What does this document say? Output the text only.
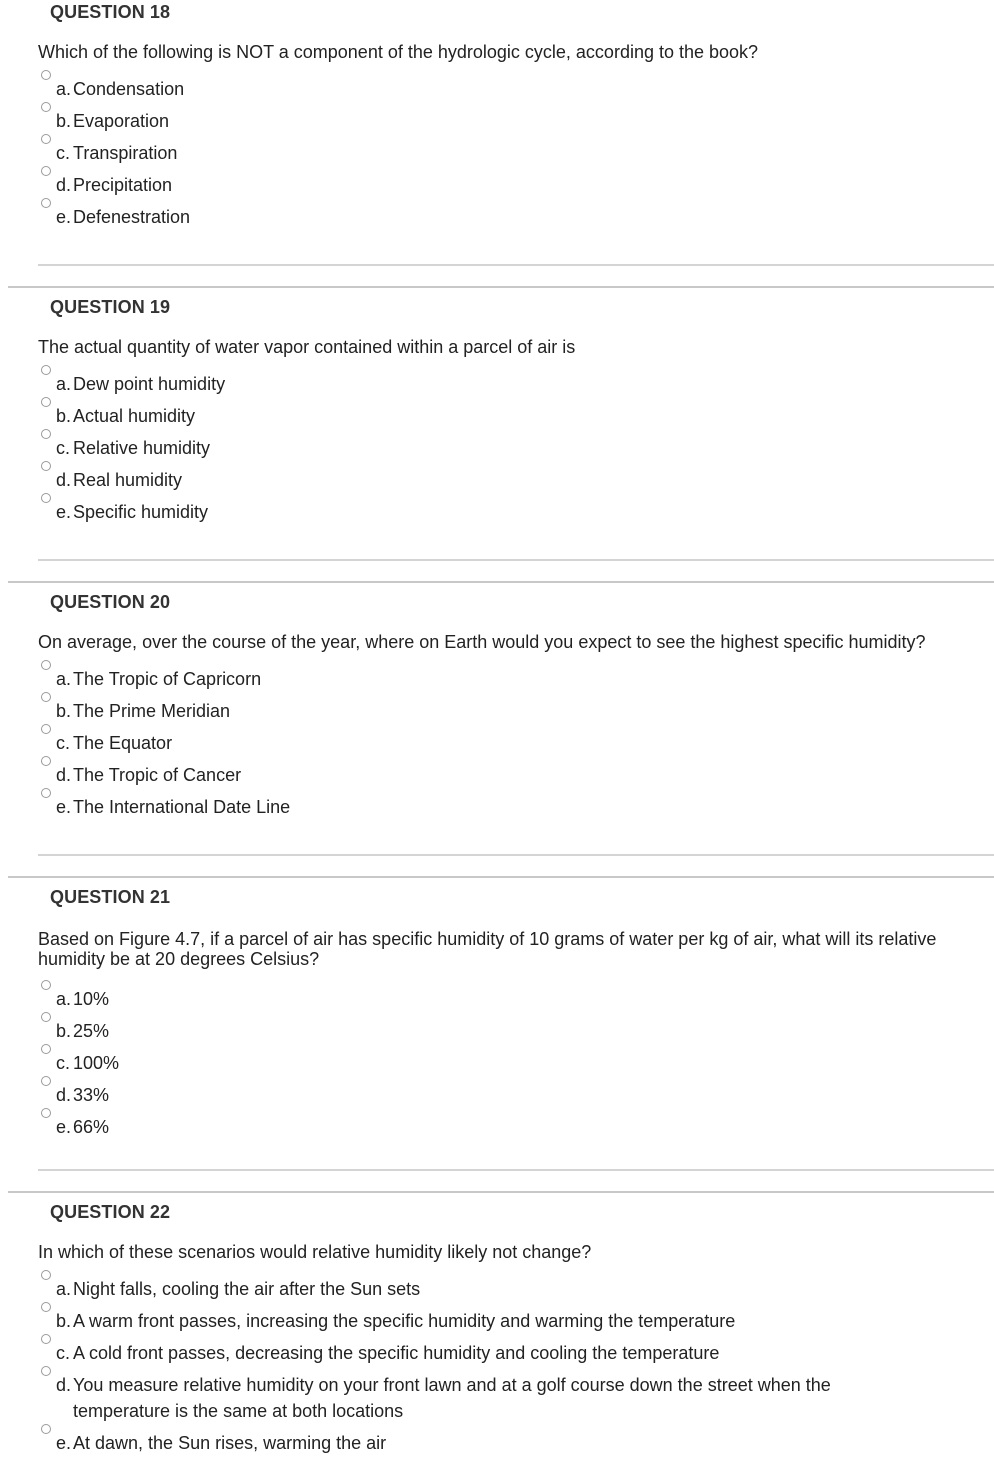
QUESTION 18
Which of the following is NOT a component of the hydrologic cycle, according to the book?
a. Condensation
b. Evaporation
c. Transpiration
d. Precipitation
e. Defenestration
QUESTION 19
The actual quantity of water vapor contained within a parcel of air is
a. Dew point humidity
b. Actual humidity
c. Relative humidity
d. Real humidity
e. Specific humidity
QUESTION 20
On average, over the course of the year, where on Earth would you expect to see the highest specific humidity?
a. The Tropic of Capricorn
b. The Prime Meridian
c. The Equator
d. The Tropic of Cancer
e. The International Date Line
QUESTION 21
Based on Figure 4.7, if a parcel of air has specific humidity of 10 grams of water per kg of air, what will its relative humidity be at 20 degrees Celsius?
a. 10%
b. 25%
c. 100%
d. 33%
e. 66%
QUESTION 22
In which of these scenarios would relative humidity likely not change?
a. Night falls, cooling the air after the Sun sets
b. A warm front passes, increasing the specific humidity and warming the temperature
c. A cold front passes, decreasing the specific humidity and cooling the temperature
d. You measure relative humidity on your front lawn and at a golf course down the street when the temperature is the same at both locations
e. At dawn, the Sun rises, warming the air
